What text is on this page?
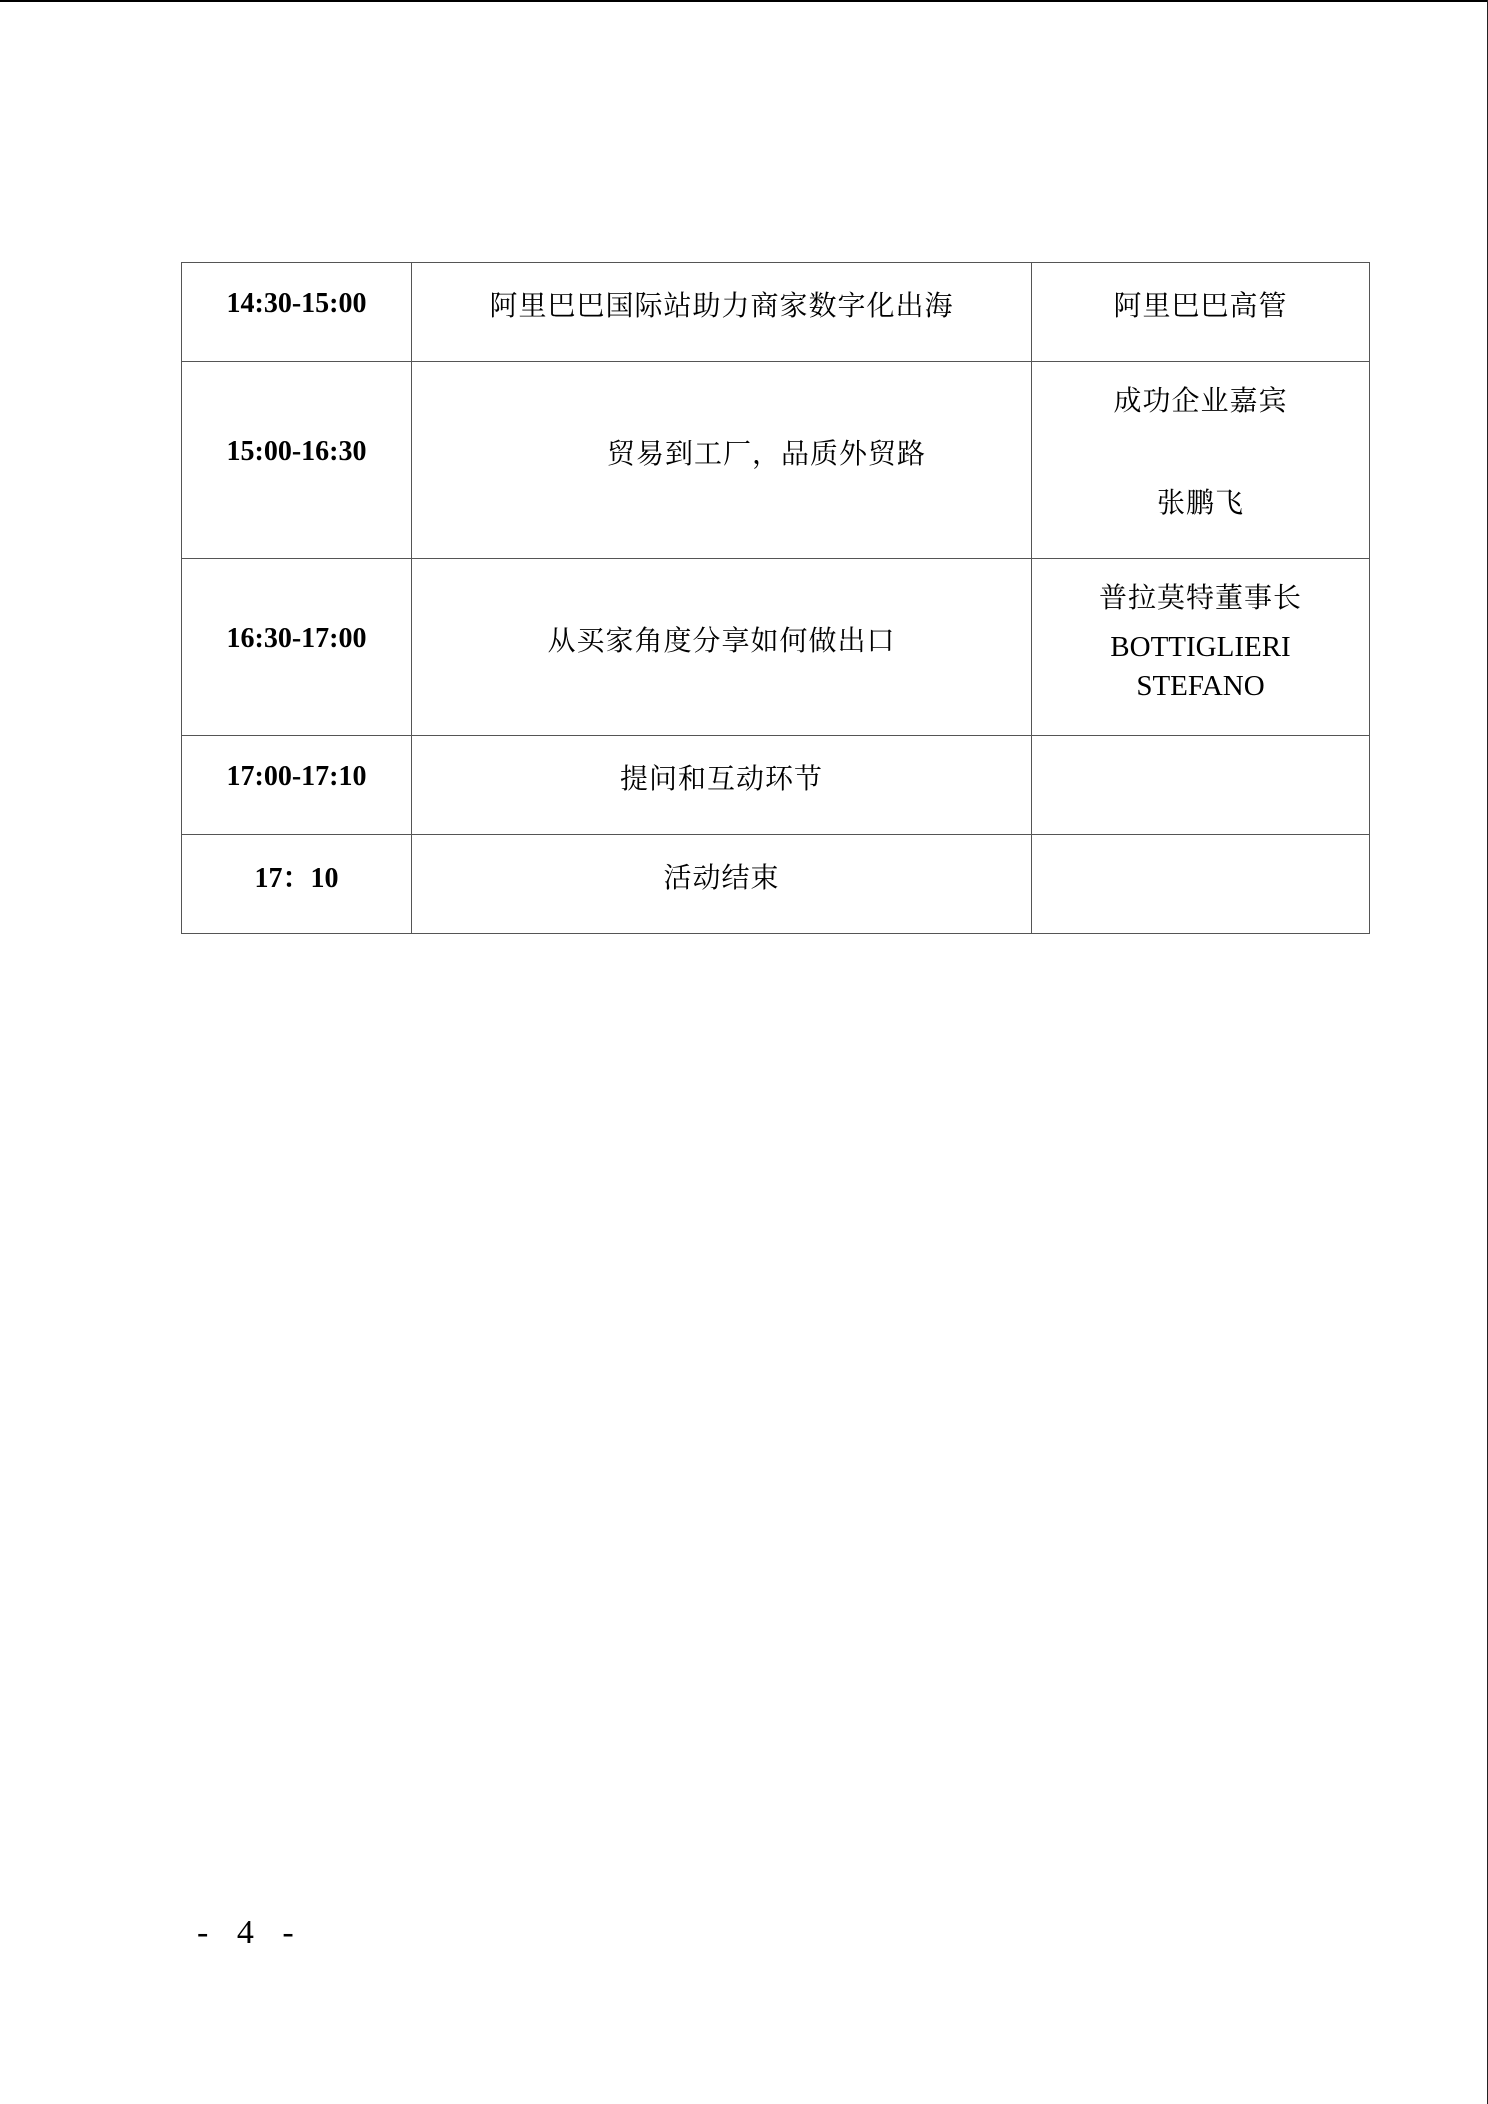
14:30-15:00	阿里巴巴国际站助力商家数字化出海	阿里巴巴高管

15:00-16:30	贸易到工厂，品质外贸路	成功企业嘉宾
张鹏飞

16:30-17:00	从买家角度分享如何做出口	普拉莫特董事长
BOTTIGLIERI
STEFANO

17:00-17:10	提问和互动环节	
17：10	活动结束	
- 4 -
